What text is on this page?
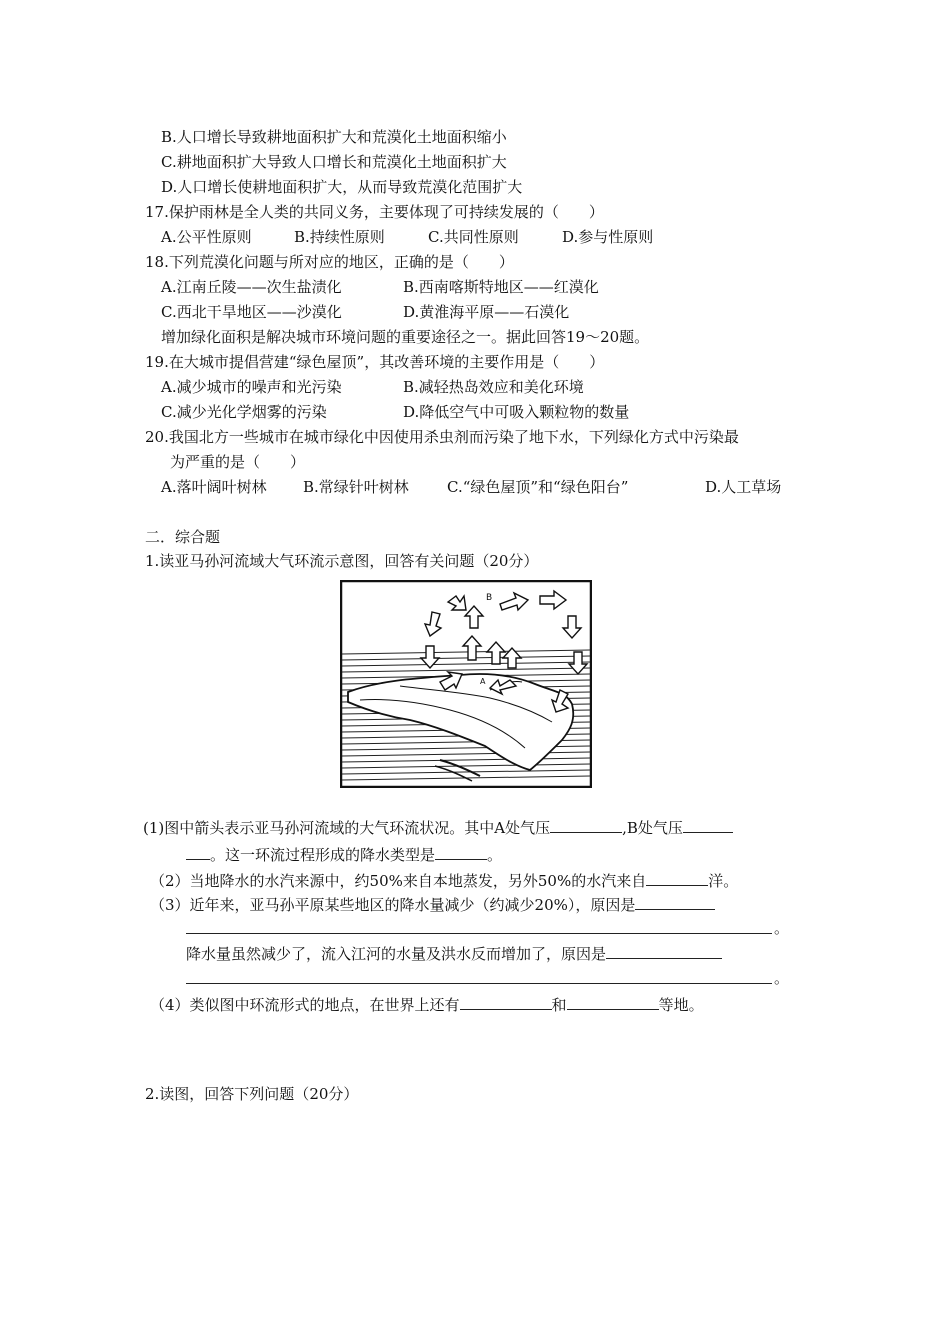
B.人口增长导致耕地面积扩大和荒漠化土地面积缩小
C.耕地面积扩大导致人口增长和荒漠化土地面积扩大
D.人口增长使耕地面积扩大，从而导致荒漠化范围扩大
17.保护雨林是全人类的共同义务，主要体现了可持续发展的（　　）
A.公平性原则	B.持续性原则	C.共同性原则	D.参与性原则
18.下列荒漠化问题与所对应的地区，正确的是（　　）
A.江南丘陵——次生盐渍化	B.西南喀斯特地区——红漠化
C.西北干旱地区——沙漠化	D.黄淮海平原——石漠化
增加绿化面积是解决城市环境问题的重要途径之一。据此回答19～20题。
19.在大城市提倡营建“绿色屋顶”，其改善环境的主要作用是（　　）
A.减少城市的噪声和光污染	B.减轻热岛效应和美化环境
C.减少光化学烟雾的污染	D.降低空气中可吸入颗粒物的数量
20.我国北方一些城市在城市绿化中因使用杀虫剂而污染了地下水，下列绿化方式中污染最
为严重的是（　　）
A.落叶阔叶树林 B.常绿针叶树林	C.“绿色屋顶”和“绿色阳台”	D.人工草场
二．综合题
1.读亚马孙河流域大气环流示意图，回答有关问题（20分）
B
A
(1)图中箭头表示亚马孙河流域的大气环流状况。其中A处气压	,B处气压
。这一环流过程形成的降水类型是	。
（2）当地降水的水汽来源中，约50%来自本地蒸发，另外50%的水汽来自	洋。
（3）近年来，亚马孙平原某些地区的降水量减少（约减少20%），原因是
。
降水量虽然减少了，流入江河的水量及洪水反而增加了，原因是
。
（4）类似图中环流形式的地点，在世界上还有	和	等地。
2.读图，回答下列问题（20分）
